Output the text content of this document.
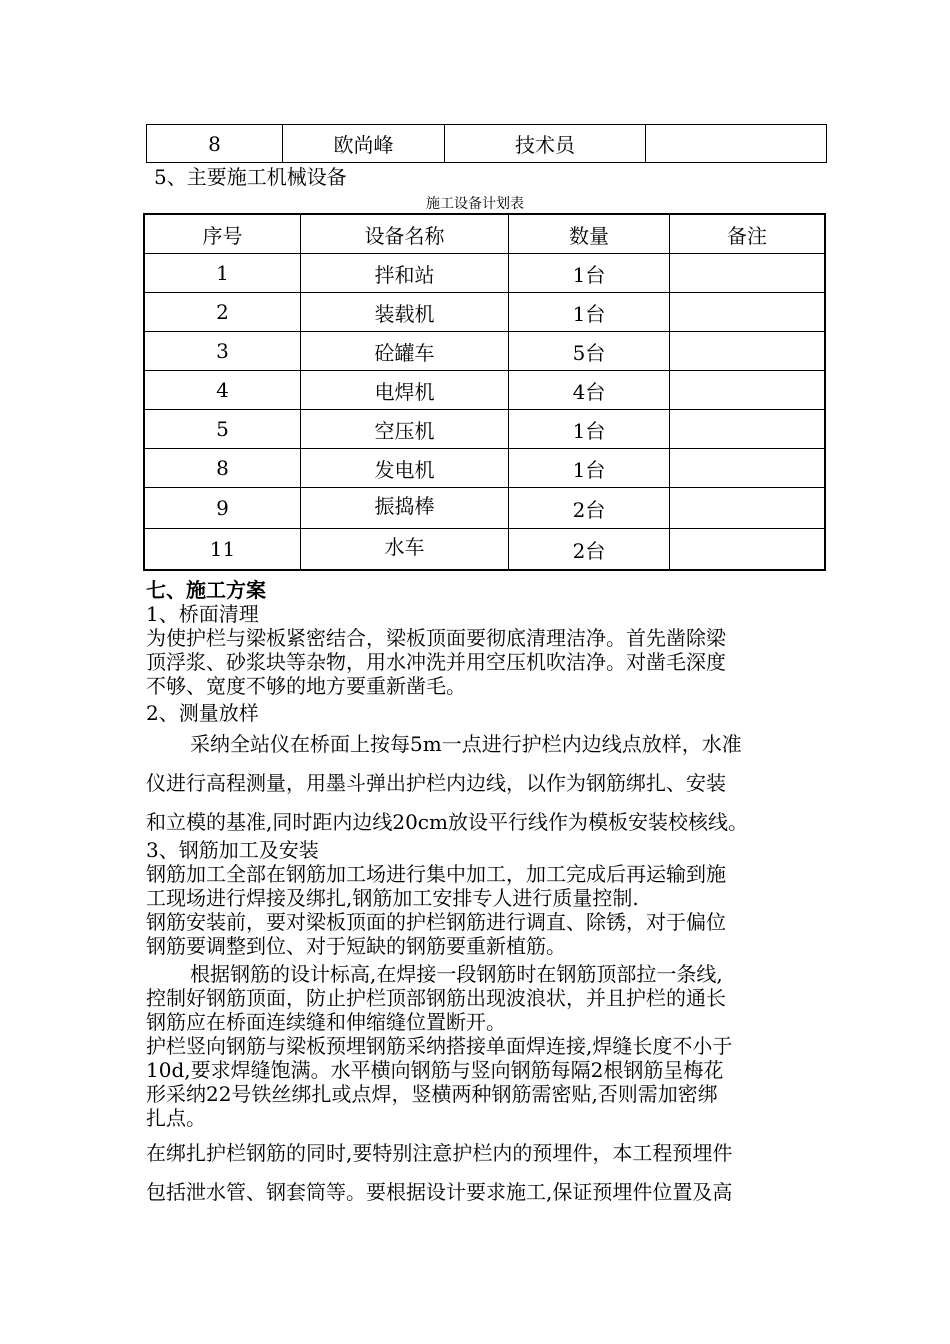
8	欧尚峰	技术员	
5、主要施工机械设备
施工设备计划表
序号	设备名称	数量	备注
1	拌和站	1台	
2	装载机	1台	
3	砼罐车	5台	
4	电焊机	4台	
5	空压机	1台	
8	发电机	1台	
9	振捣棒	2台	
11	水车	2台	
七、施工方案
1、桥面清理
为使护栏与梁板紧密结合，梁板顶面要彻底清理洁净。首先凿除梁
顶浮浆、砂浆块等杂物，用水冲洗并用空压机吹洁净。对凿毛深度
不够、宽度不够的地方要重新凿毛。
2、测量放样
采纳全站仪在桥面上按每5m一点进行护栏内边线点放样，水准
仪进行高程测量，用墨斗弹出护栏内边线，以作为钢筋绑扎、安装
和立模的基准,同时距内边线20cm放设平行线作为模板安装校核线。
3、钢筋加工及安装
钢筋加工全部在钢筋加工场进行集中加工，加工完成后再运输到施
工现场进行焊接及绑扎,钢筋加工安排专人进行质量控制.
钢筋安装前，要对梁板顶面的护栏钢筋进行调直、除锈，对于偏位
钢筋要调整到位、对于短缺的钢筋要重新植筋。
根据钢筋的设计标高,在焊接一段钢筋时在钢筋顶部拉一条线,
控制好钢筋顶面，防止护栏顶部钢筋出现波浪状，并且护栏的通长
钢筋应在桥面连续缝和伸缩缝位置断开。
护栏竖向钢筋与梁板预埋钢筋采纳搭接单面焊连接,焊缝长度不小于
10d,要求焊缝饱满。水平横向钢筋与竖向钢筋每隔2根钢筋呈梅花
形采纳22号铁丝绑扎或点焊，竖横两种钢筋需密贴,否则需加密绑
扎点。
在绑扎护栏钢筋的同时,要特别注意护栏内的预埋件，本工程预埋件
包括泄水管、钢套筒等。要根据设计要求施工,保证预埋件位置及高
